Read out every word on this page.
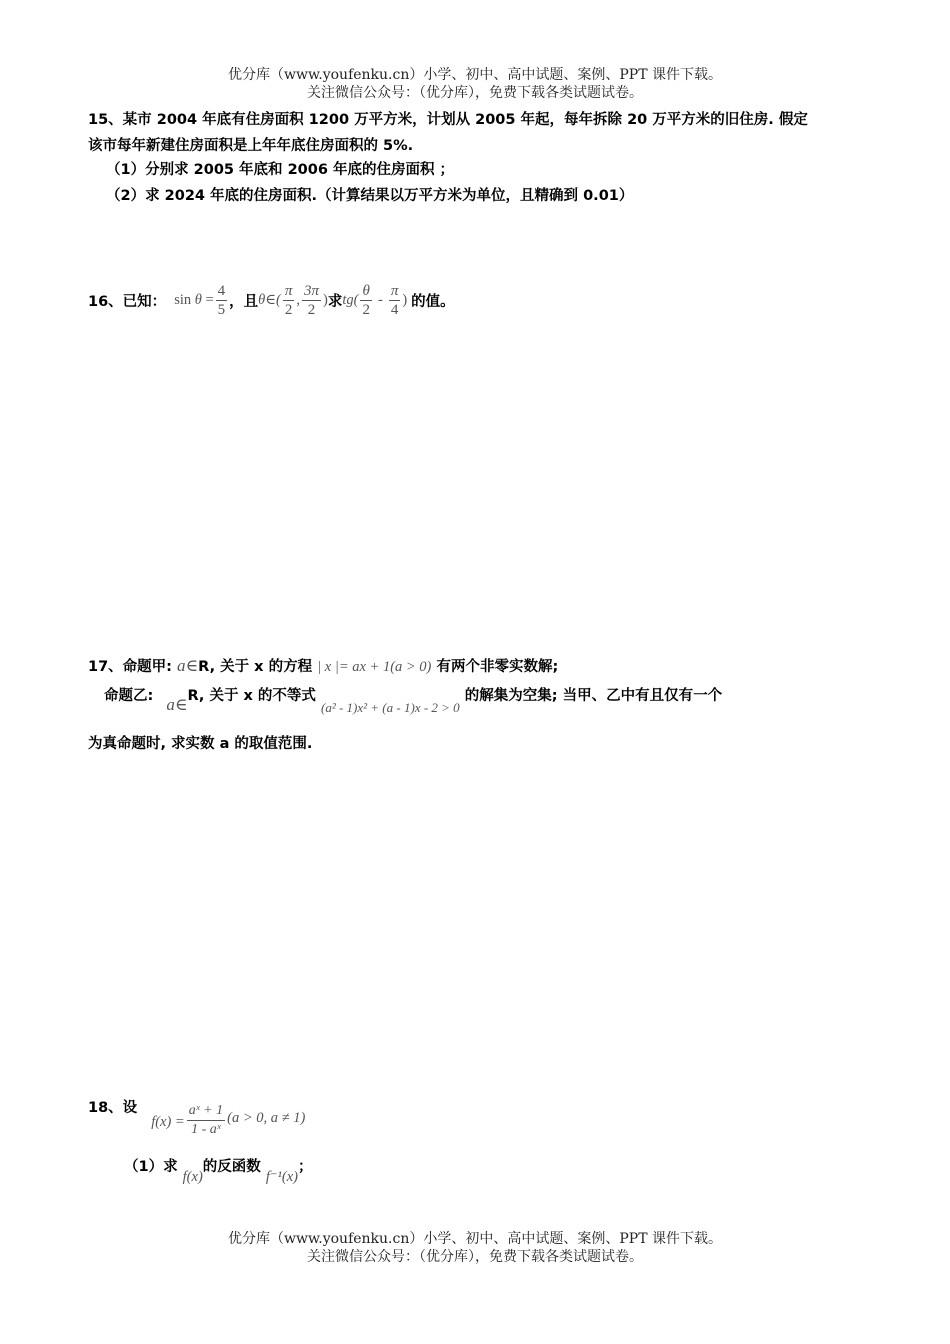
优分库（www.youfenku.cn）小学、初中、高中试题、案例、PPT 课件下载。
关注微信公众号：（优分库），免费下载各类试题试卷。
15、某市 2004 年底有住房面积 1200 万平方米，计划从 2005 年起，每年拆除 20 万平方米的旧住房. 假定
该市每年新建住房面积是上年年底住房面积的 5%.
（1）分别求 2005 年底和 2006 年底的住房面积 ；
（2）求 2024 年底的住房面积.（计算结果以万平方米为单位，且精确到 0.01）
16、已知： $\sin \theta = \frac{4}{5}$ ，且 θ∈( $\frac{\pi}{2}$ , $\frac{3\pi}{2}$ ) 求 $tg( \frac{\theta}{2} - \frac{\pi}{4}$ ) 的值。
17、命题甲: a∈R, 关于 x 的方程 | x |= ax + 1(a > 0) 有两个非零实数解;
命题乙: a∈R, 关于 x 的不等式 (a² - 1)x² + (a - 1)x - 2 > 0 的解集为空集; 当甲、乙中有且仅有一个
为真命题时, 求实数 a 的取值范围.
18、设
$f(x) = \frac{\text{aˣ + 1}}{\text{1 - aˣ}} (a > 0$, a ≠ 1)
（1）求 f(x)的反函数 f⁻¹(x)；
优分库（www.youfenku.cn）小学、初中、高中试题、案例、PPT 课件下载。
关注微信公众号：（优分库），免费下载各类试题试卷。
